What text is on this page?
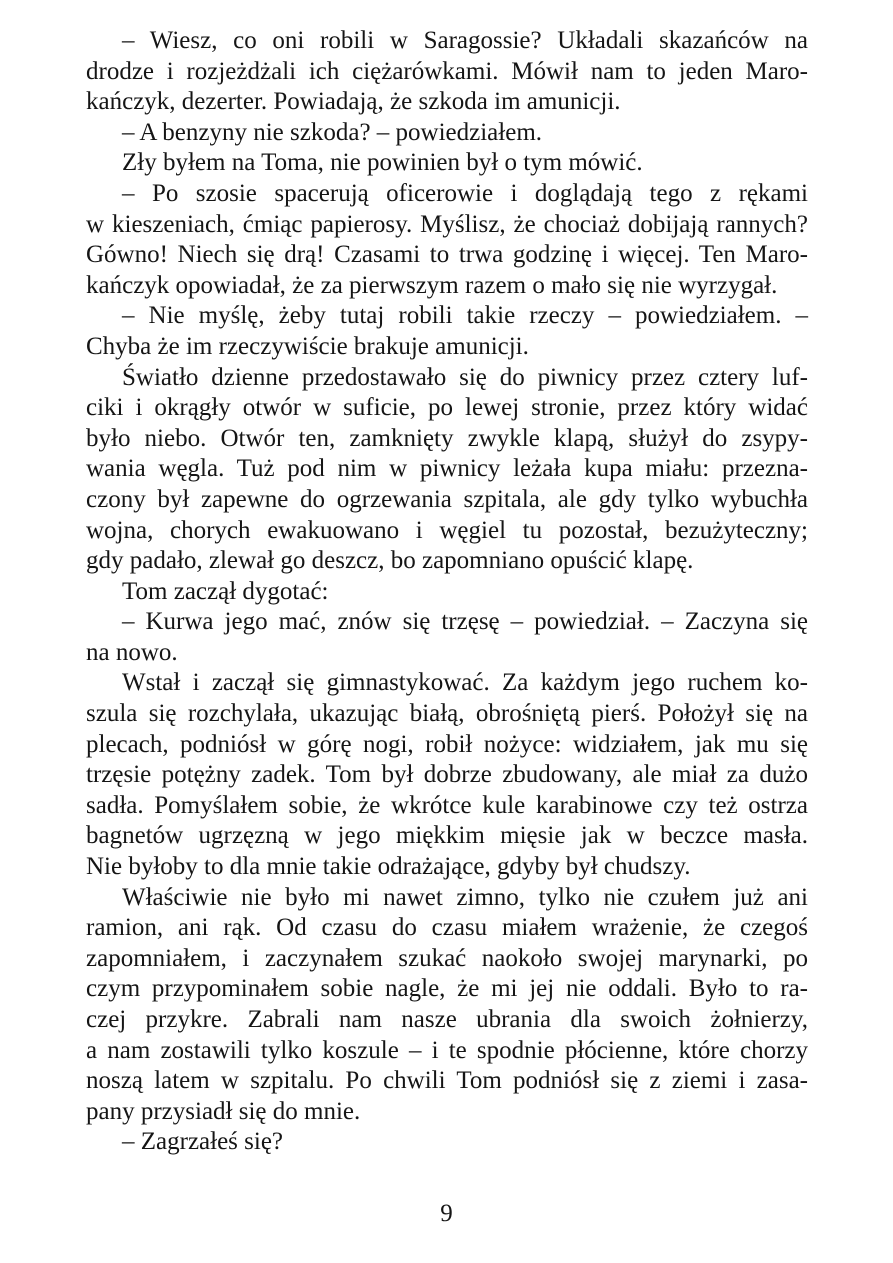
– Wiesz, co oni robili w Saragossie? Układali skazańców na
drodze i rozjeżdżali ich ciężarówkami. Mówił nam to jeden Maro-
kańczyk, dezerter. Powiadają, że szkoda im amunicji.
– A benzyny nie szkoda? – powiedziałem.
Zły byłem na Toma, nie powinien był o tym mówić.
– Po szosie spacerują oficerowie i doglądają tego z rękami
w kieszeniach, ćmiąc papierosy. Myślisz, że chociaż dobijają rannych?
Gówno! Niech się drą! Czasami to trwa godzinę i więcej. Ten Maro-
kańczyk opowiadał, że za pierwszym razem o mało się nie wyrzygał.
– Nie myślę, żeby tutaj robili takie rzeczy – powiedziałem. –
Chyba że im rzeczywiście brakuje amunicji.
Światło dzienne przedostawało się do piwnicy przez cztery luf-
ciki i okrągły otwór w suficie, po lewej stronie, przez który widać
było niebo. Otwór ten, zamknięty zwykle klapą, służył do zsypy-
wania węgla. Tuż pod nim w piwnicy leżała kupa miału: przezna-
czony był zapewne do ogrzewania szpitala, ale gdy tylko wybuchła
wojna, chorych ewakuowano i węgiel tu pozostał, bezużyteczny;
gdy padało, zlewał go deszcz, bo zapomniano opuścić klapę.
Tom zaczął dygotać:
– Kurwa jego mać, znów się trzęsę – powiedział. – Zaczyna się
na nowo.
Wstał i zaczął się gimnastykować. Za każdym jego ruchem ko-
szula się rozchylała, ukazując białą, obrośniętą pierś. Położył się na
plecach, podniósł w górę nogi, robił nożyce: widziałem, jak mu się
trzęsie potężny zadek. Tom był dobrze zbudowany, ale miał za dużo
sadła. Pomyślałem sobie, że wkrótce kule karabinowe czy też ostrza
bagnetów ugrzęzną w jego miękkim mięsie jak w beczce masła.
Nie byłoby to dla mnie takie odrażające, gdyby był chudszy.
Właściwie nie było mi nawet zimno, tylko nie czułem już ani
ramion, ani rąk. Od czasu do czasu miałem wrażenie, że czegoś
zapomniałem, i zaczynałem szukać naokoło swojej marynarki, po
czym przypominałem sobie nagle, że mi jej nie oddali. Było to ra-
czej przykre. Zabrali nam nasze ubrania dla swoich żołnierzy,
a nam zostawili tylko koszule – i te spodnie płócienne, które chorzy
noszą latem w szpitalu. Po chwili Tom podniósł się z ziemi i zasa-
pany przysiadł się do mnie.
– Zagrzałeś się?
9
